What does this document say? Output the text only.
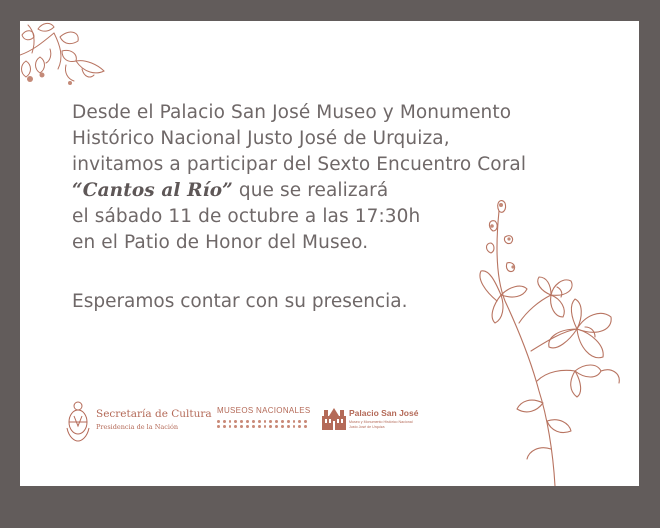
Desde el Palacio San José Museo y Monumento

Histórico Nacional Justo José de Urquiza,

invitamos a participar del Sexto Encuentro Coral

“Cantos al Río” que se realizará

el sábado 11 de octubre a las 17:30h

en el Patio de Honor del Museo.

Esperamos contar con su presencia.

Secretaría de Cultura
Presidencia de la Nación
MUSEOS NACIONALES	Palacio San José
Museo y Monumento Histórico Nacional
Justo José de Urquiza
